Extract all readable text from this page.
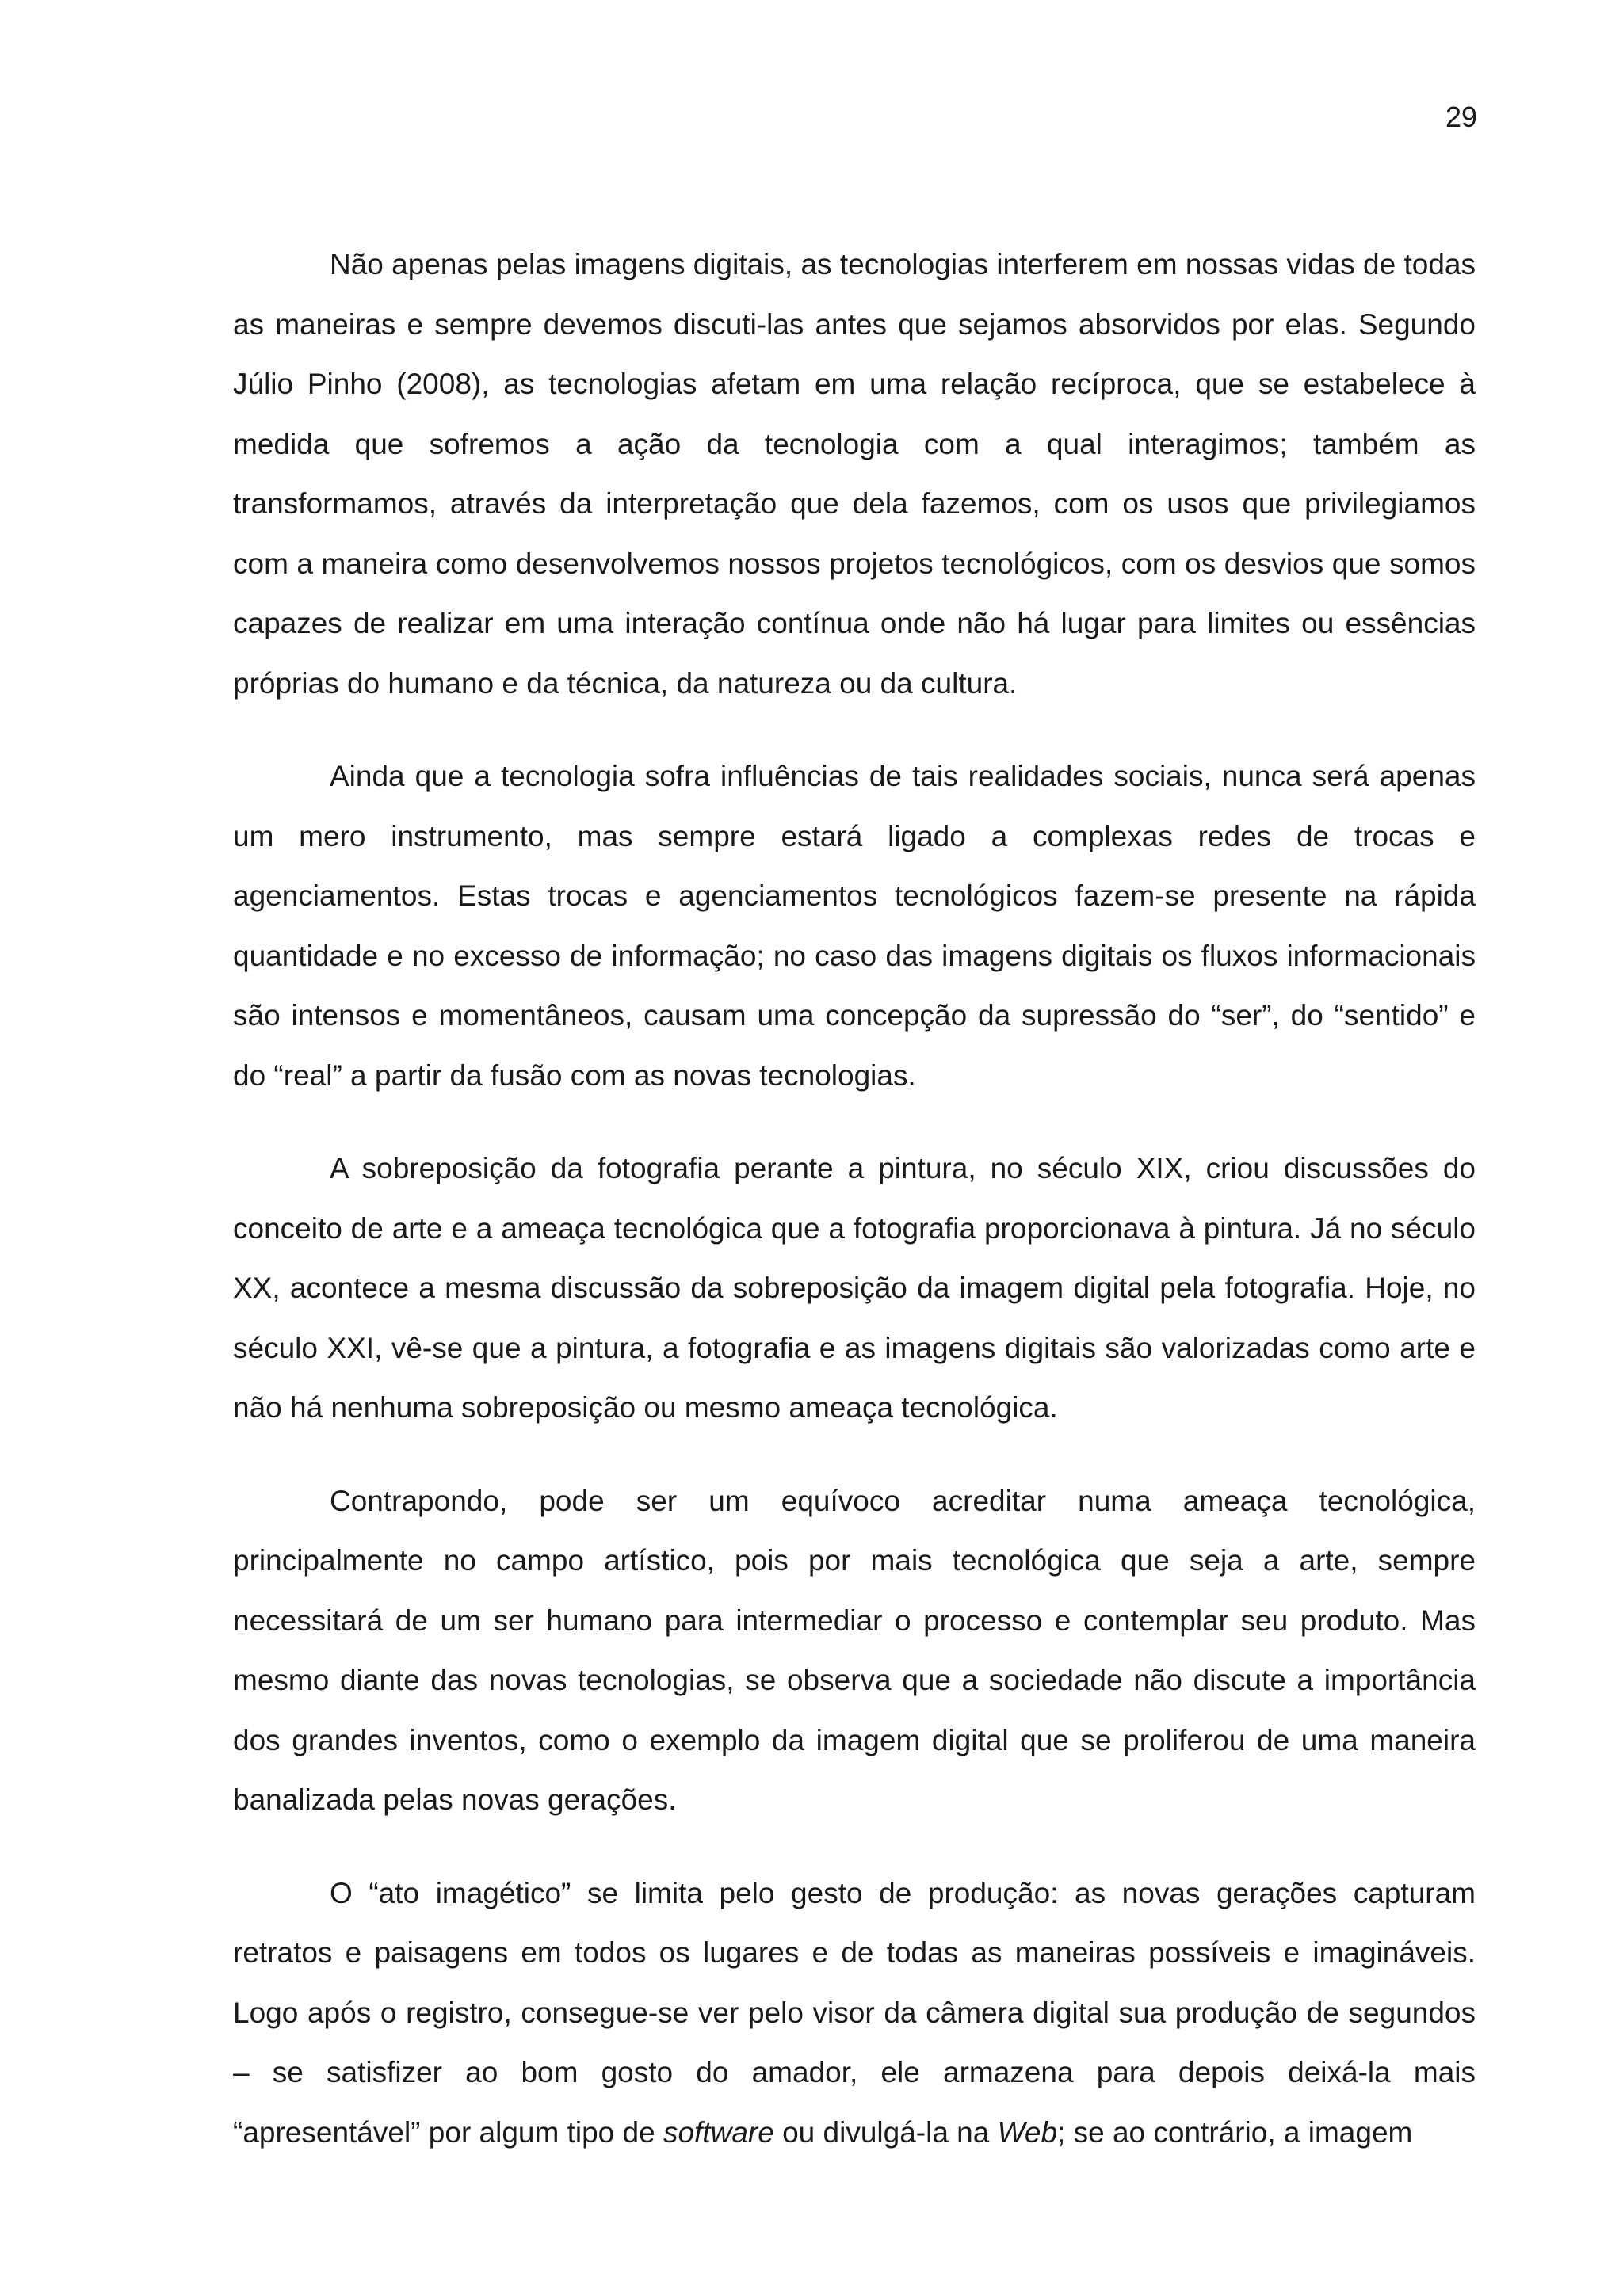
29

Não apenas pelas imagens digitais, as tecnologias interferem em nossas vidas de todas as maneiras e sempre devemos discuti-las antes que sejamos absorvidos por elas. Segundo Júlio Pinho (2008), as tecnologias afetam em uma relação recíproca, que se estabelece à medida que sofremos a ação da tecnologia com a qual interagimos; também as transformamos, através da interpretação que dela fazemos, com os usos que privilegiamos com a maneira como desenvolvemos nossos projetos tecnológicos, com os desvios que somos capazes de realizar em uma interação contínua onde não há lugar para limites ou essências próprias do humano e da técnica, da natureza ou da cultura.

Ainda que a tecnologia sofra influências de tais realidades sociais, nunca será apenas um mero instrumento, mas sempre estará ligado a complexas redes de trocas e agenciamentos. Estas trocas e agenciamentos tecnológicos fazem-se presente na rápida quantidade e no excesso de informação; no caso das imagens digitais os fluxos informacionais são intensos e momentâneos, causam uma concepção da supressão do “ser”, do “sentido” e do “real” a partir da fusão com as novas tecnologias.

A sobreposição da fotografia perante a pintura, no século XIX, criou discussões do conceito de arte e a ameaça tecnológica que a fotografia proporcionava à pintura. Já no século XX, acontece a mesma discussão da sobreposição da imagem digital pela fotografia. Hoje, no século XXI, vê-se que a pintura, a fotografia e as imagens digitais são valorizadas como arte e não há nenhuma sobreposição ou mesmo ameaça tecnológica.

Contrapondo, pode ser um equívoco acreditar numa ameaça tecnológica, principalmente no campo artístico, pois por mais tecnológica que seja a arte, sempre necessitará de um ser humano para intermediar o processo e contemplar seu produto. Mas mesmo diante das novas tecnologias, se observa que a sociedade não discute a importância dos grandes inventos, como o exemplo da imagem digital que se proliferou de uma maneira banalizada pelas novas gerações.

O “ato imagético” se limita pelo gesto de produção: as novas gerações capturam retratos e paisagens em todos os lugares e de todas as maneiras possíveis e imagináveis. Logo após o registro, consegue-se ver pelo visor da câmera digital sua produção de segundos – se satisfizer ao bom gosto do amador, ele armazena para depois deixá-la mais “apresentável” por algum tipo de software ou divulgá-la na Web; se ao contrário, a imagem
